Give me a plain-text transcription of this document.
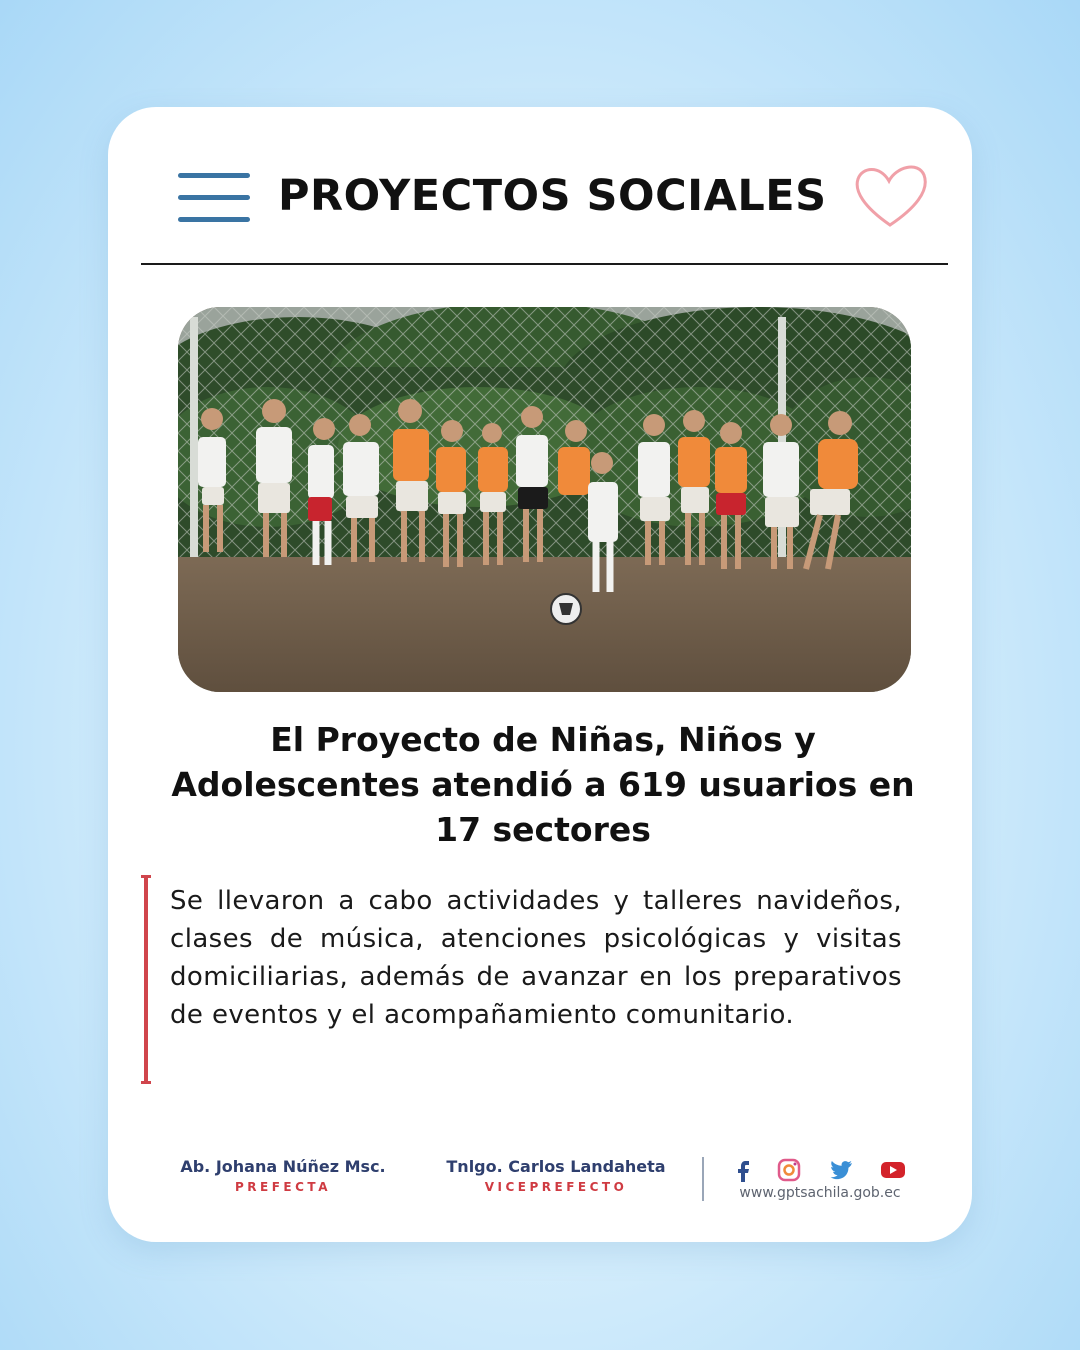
PROYECTOS SOCIALES
El Proyecto de Niñas, Niños y Adolescentes atendió a 619 usuarios en 17 sectores

Se llevaron a cabo actividades y talleres navideños, clases de música, atenciones psicológicas y visitas domiciliarias, además de avanzar en los preparativos de eventos y el acompañamiento comunitario.

Ab. Johana Núñez Msc.
PREFECTA
Tnlgo. Carlos Landaheta
VICEPREFECTO	www.gptsachila.gob.ec
